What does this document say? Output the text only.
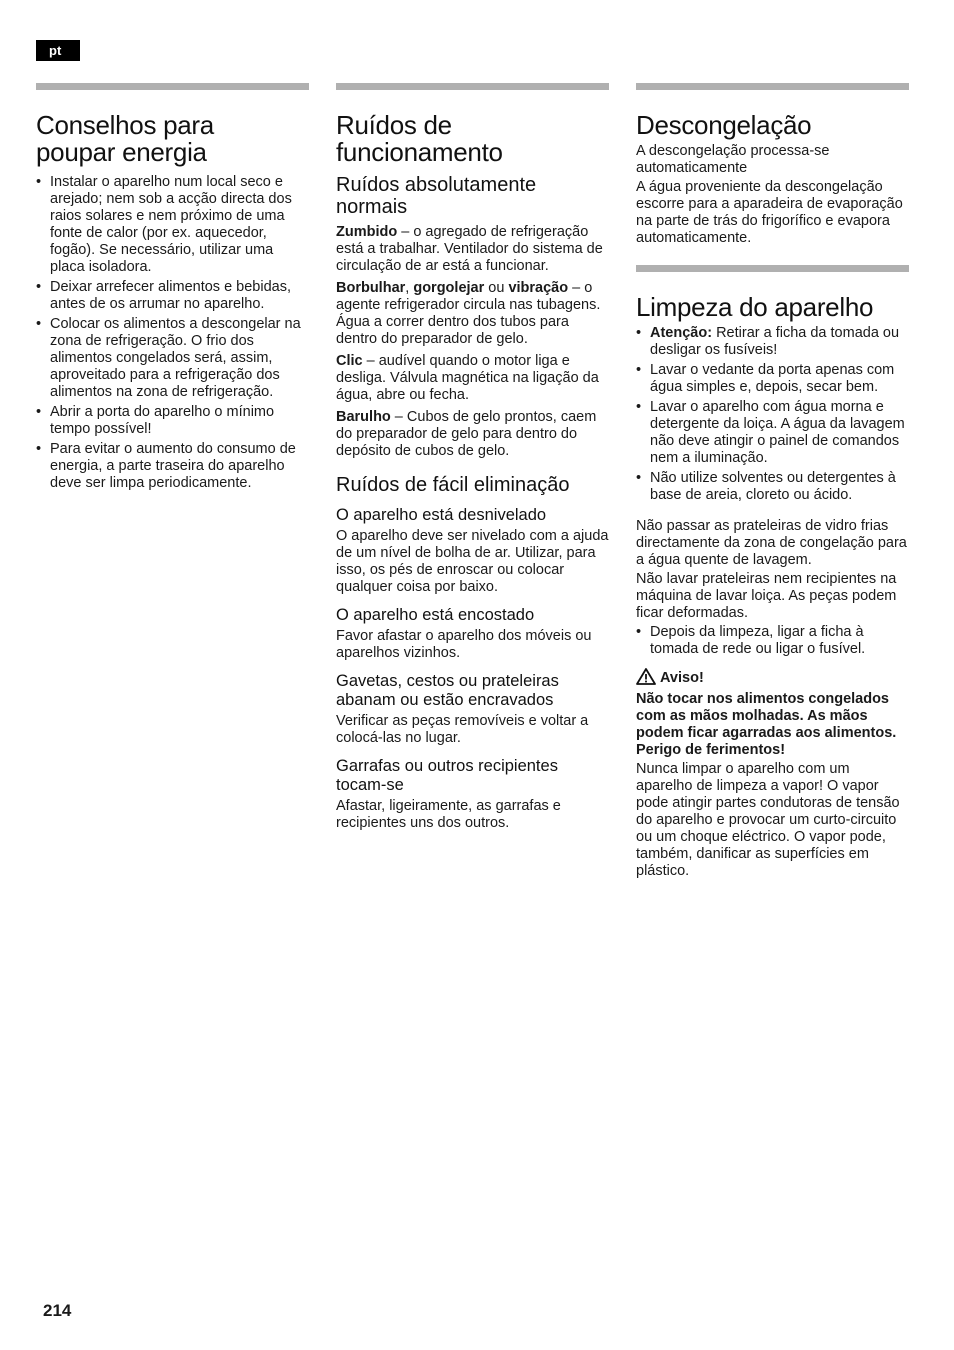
pt
Conselhos para
poupar energia
• Instalar o aparelho num local seco e arejado; nem sob a acção directa dos raios solares e nem próximo de uma fonte de calor (por ex. aquecedor, fogão). Se necessário, utilizar uma placa isoladora.
• Deixar arrefecer alimentos e bebidas, antes de os arrumar no aparelho.
• Colocar os alimentos a descongelar na zona de refrigeração. O frio dos alimentos congelados será, assim, aproveitado para a refrigeração dos alimentos na zona de refrigeração.
• Abrir a porta do aparelho o mínimo tempo possível!
• Para evitar o aumento do consumo de energia, a parte traseira do aparelho deve ser limpa periodicamente.
Ruídos de
funcionamento
Ruídos absolutamente normais

Zumbido – o agregado de refrigeração está a trabalhar. Ventilador do sistema de circulação de ar está a funcionar.

Borbulhar, gorgolejar ou vibração – o agente refrigerador circula nas tubagens. Água a correr dentro dos tubos para dentro do preparador de gelo.

Clic – audível quando o motor liga e desliga. Válvula magnética na ligação da água, abre ou fecha.

Barulho – Cubos de gelo prontos, caem do preparador de gelo para dentro do depósito de cubos de gelo.

Ruídos de fácil eliminação
O aparelho está desnivelado

O aparelho deve ser nivelado com a ajuda de um nível de bolha de ar. Utilizar, para isso, os pés de enroscar ou colocar qualquer coisa por baixo.

O aparelho está encostado

Favor afastar o aparelho dos móveis ou aparelhos vizinhos.

Gavetas, cestos ou prateleiras abanam ou estão encravados

Verificar as peças removíveis e voltar a colocá-las no lugar.

Garrafas ou outros recipientes tocam-se

Afastar, ligeiramente, as garrafas e recipientes uns dos outros.

Descongelação

A descongelação processa-se automaticamente

A água proveniente da descongelação escorre para a aparadeira de evaporação na parte de trás do frigorífico e evapora automaticamente.

Limpeza do aparelho
• Atenção: Retirar a ficha da tomada ou desligar os fusíveis!
• Lavar o vedante da porta apenas com água simples e, depois, secar bem.
• Lavar o aparelho com água morna e detergente da loiça. A água da lavagem não deve atingir o painel de comandos nem a iluminação.
• Não utilize solventes ou detergentes à base de areia, cloreto ou ácido.

Não passar as prateleiras de vidro frias directamente da zona de congelação para a água quente de lavagem.

Não lavar prateleiras nem recipientes na máquina de lavar loiça. As peças podem ficar deformadas.

• Depois da limpeza, ligar a ficha à tomada de rede ou ligar o fusível.
Aviso!

Não tocar nos alimentos congelados com as mãos molhadas. As mãos podem ficar agarradas aos alimentos. Perigo de ferimentos!

Nunca limpar o aparelho com um aparelho de limpeza a vapor! O vapor pode atingir partes condutoras de tensão do aparelho e provocar um curto-circuito ou um choque eléctrico. O vapor pode, também, danificar as superfícies em plástico.

214
